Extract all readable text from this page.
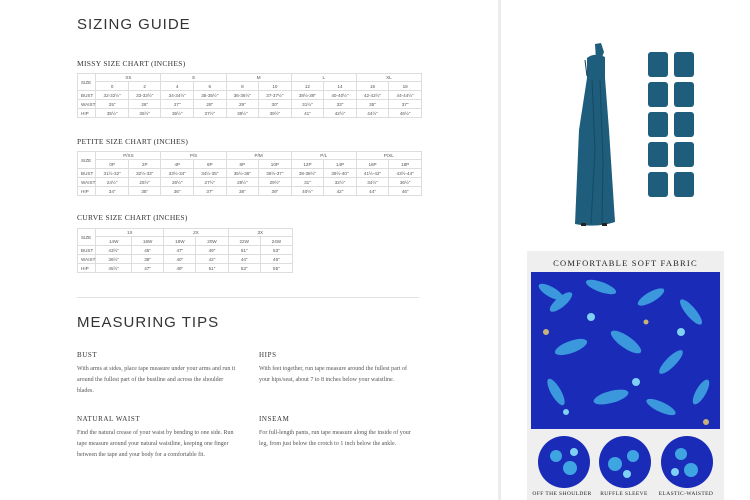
SIZING GUIDE
MISSY SIZE CHART (INCHES)
SIZE	XS		S		M		L		XL	
	0	2	4	6	8	10	12	14	16	18
BUST	32-32½"	33-33½"	34-34½"	35-35½"	36-36½"	37-37½"	38½-39"	40-40½"	42-42½"	44-44½"
WAIST	25"	26"	27"	28"	29"	30"	31½"	33"	35"	37"
HIP	35½"	36½"	36½"	37½"	38½"	39½"	41"	42½"	44½"	46½"
PETITE SIZE CHART (INCHES)
SIZE	P/XS		P/S		P/M		P/L		P/XL	
	0P	2P	4P	6P	8P	10P	12P	14P	16P	18P
BUST	31½-32"	32½-33"	33½-34"	34½-35"	35½-36"	36½-37"	38-38½"	39½-40"	41½-42"	43½-44"
WAIST	24½"	25½"	26½"	27½"	28½"	29½"	31"	32½"	34½"	36½"
HIP	34"	35"	36"	37"	38"	39"	40½"	42"	44"	46"
CURVE SIZE CHART (INCHES)
SIZE	1X		2X		3X	
	14W	16W	18W	20W	22W	24W
BUST	43½"	45"	47"	49"	51"	53"
WAIST	36½"	38"	40"	42"	44"	46"
HIP	45½"	47"	49"	51"	53"	55"
MEASURING TIPS
BUST
With arms at sides, place tape measure under your arms and run it around the fullest part of the bustline and across the shoulder blades.
HIPS
With feet together, run tape measure around the fullest part of your hips/seat, about 7 to 8 inches below your waistline.
NATURAL WAIST
Find the natural crease of your waist by bending to one side. Run tape measure around your natural waistline, keeping one finger between the tape and your body for a comfortable fit.
INSEAM
For full-length pants, run tape measure along the inside of your leg, from just below the crotch to 1 inch below the ankle.
COMFORTABLE SOFT FABRIC
OFF THE SHOULDER	RUFFLE SLEEVE	ELASTIC-WAISTED
